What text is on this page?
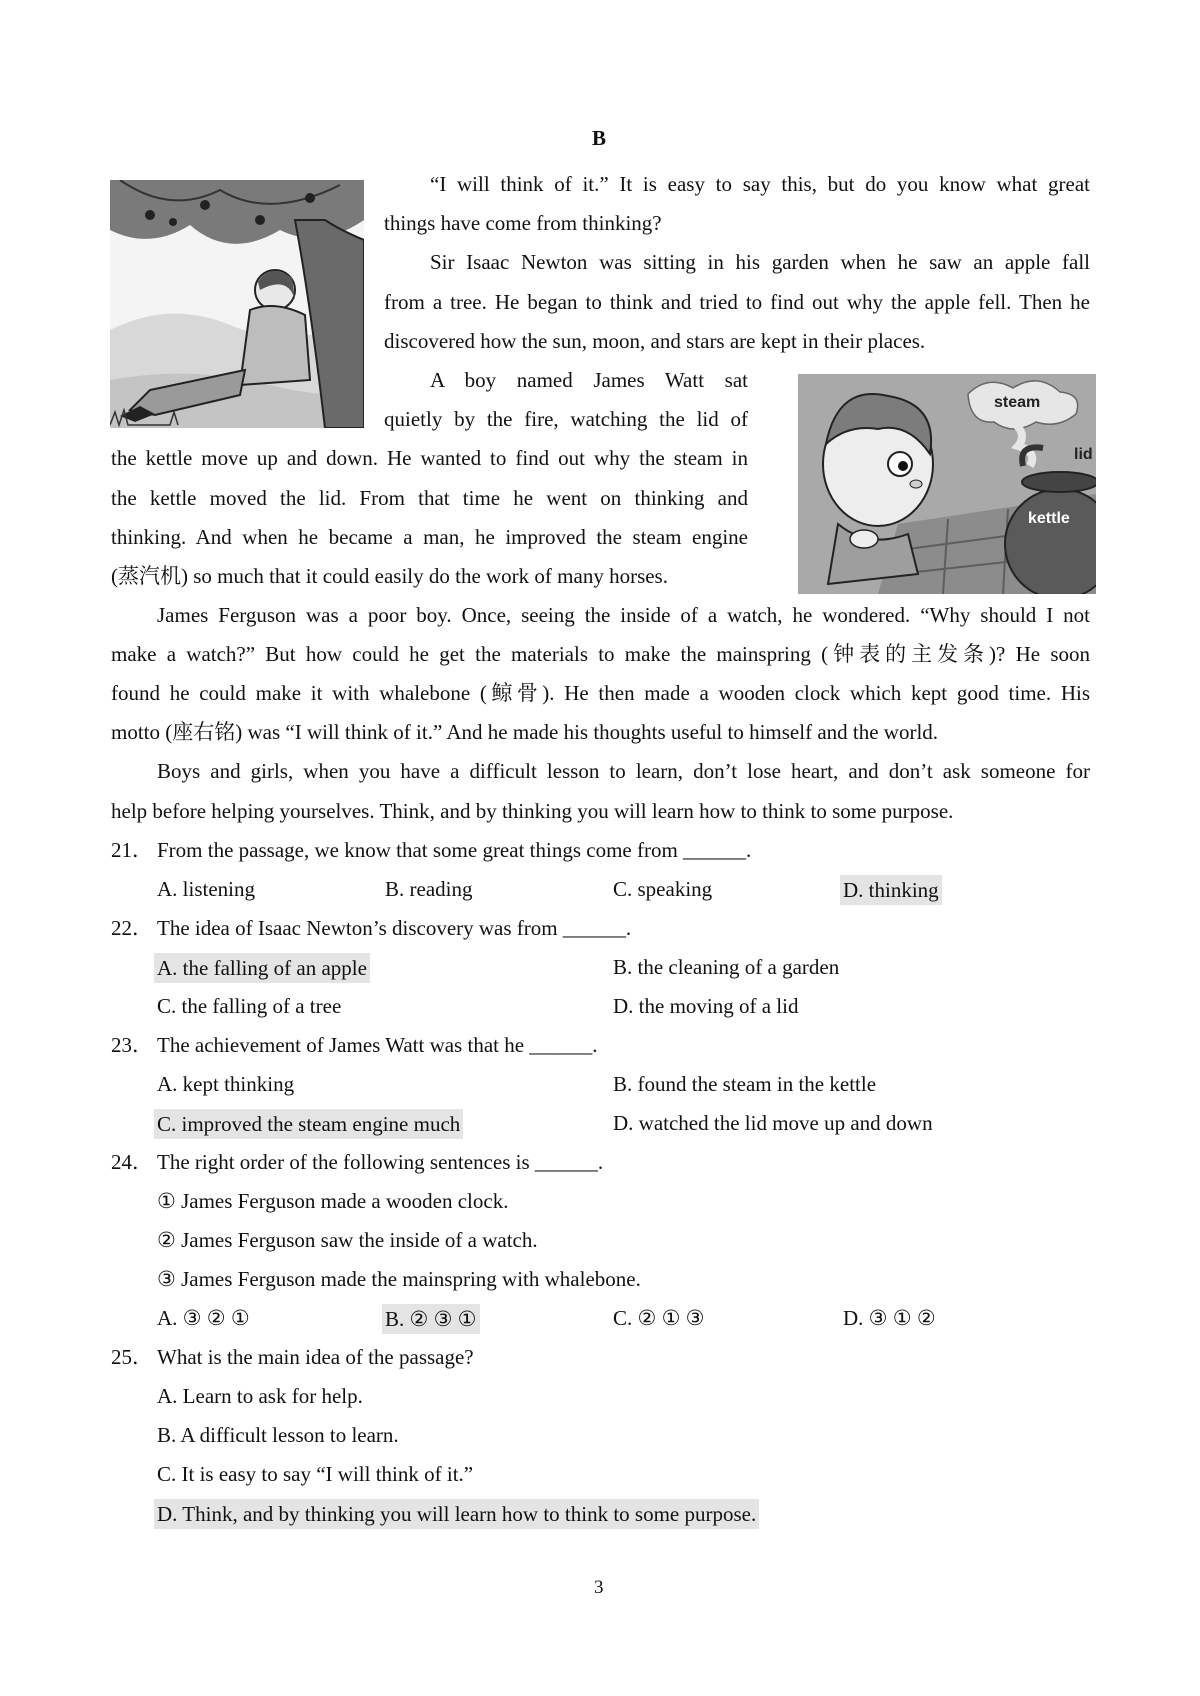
B
“I will think of it.” It is easy to say this, but do you know what great
things have come from thinking?
Sir Isaac Newton was sitting in his garden when he saw an apple fall
from a tree. He began to think and tried to find out why the apple fell. Then he
discovered how the sun, moon, and stars are kept in their places.
steam
lid
kettle
A boy named James Watt sat
quietly by the fire, watching the lid of
the kettle move up and down. He wanted to find out why the steam in
the kettle moved the lid. From that time he went on thinking and
thinking. And when he became a man, he improved the steam engine
(蒸汽机) so much that it could easily do the work of many horses.
James Ferguson was a poor boy. Once, seeing the inside of a watch, he wondered. “Why should I not
make a watch?” But how could he get the materials to make the mainspring (钟表的主发条)? He soon
found he could make it with whalebone (鲸骨). He then made a wooden clock which kept good time. His
motto (座右铭) was “I will think of it.” And he made his thoughts useful to himself and the world.
Boys and girls, when you have a difficult lesson to learn, don’t lose heart, and don’t ask someone for
help before helping yourselves. Think, and by thinking you will learn how to think to some purpose.
21． From the passage, we know that some great things come from ______.
A. listening	B. reading	C. speaking	D. thinking
22． The idea of Isaac Newton’s discovery was from ______.
A. the falling of an apple	B. the cleaning of a garden
C. the falling of a tree	D. the moving of a lid
23． The achievement of James Watt was that he ______.
A. kept thinking	B. found the steam in the kettle
C. improved the steam engine much	D. watched the lid move up and down
24． The right order of the following sentences is ______.
① James Ferguson made a wooden clock.
② James Ferguson saw the inside of a watch.
③ James Ferguson made the mainspring with whalebone.
A. ③ ② ①	B. ② ③ ①	C. ② ① ③	D. ③ ① ②
25． What is the main idea of the passage?
A. Learn to ask for help.
B. A difficult lesson to learn.
C. It is easy to say “I will think of it.”
D. Think, and by thinking you will learn how to think to some purpose.
3
